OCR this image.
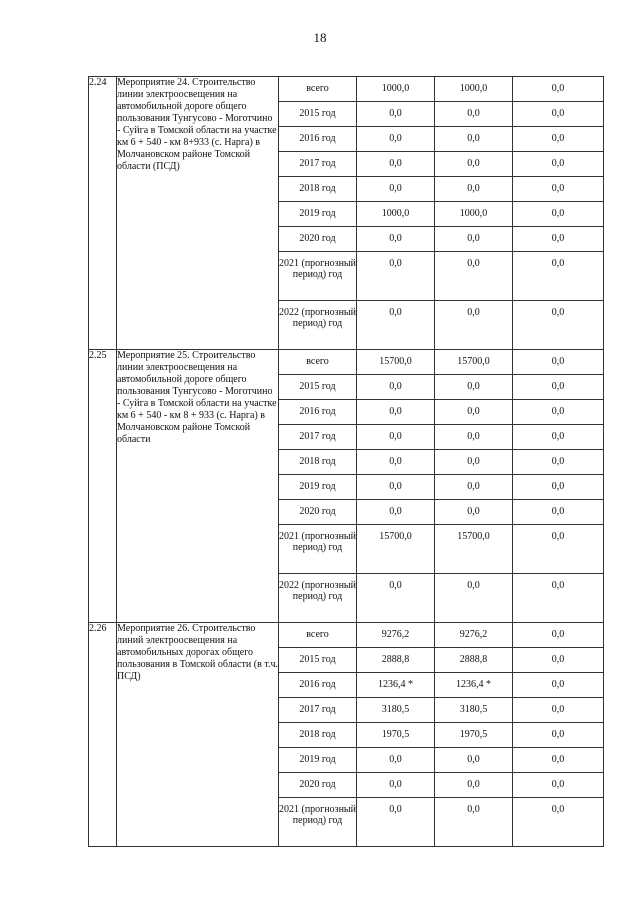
18
2.24	Мероприятие 24. Строительство линии электроосвещения на автомобильной дороге общего пользования Тунгусово - Моготчино - Суйга в Томской области на участке км 6 + 540 - км 8+933 (с. Нарга) в Молчановском районе Томской области (ПСД)	всего	1000,0	1000,0	0,0
		2015 год	0,0	0,0	0,0
		2016 год	0,0	0,0	0,0
		2017 год	0,0	0,0	0,0
		2018 год	0,0	0,0	0,0
		2019 год	1000,0	1000,0	0,0
		2020 год	0,0	0,0	0,0
		2021 (прогнозный период) год	0,0	0,0	0,0
		2022 (прогнозный период) год	0,0	0,0	0,0
2.25	Мероприятие 25. Строительство линии электроосвещения на автомобильной дороге общего пользования Тунгусово - Моготчино - Суйга в Томской области на участке км 6 + 540 - км 8 + 933 (с. Нарга) в Молчановском районе Томской области	всего	15700,0	15700,0	0,0
		2015 год	0,0	0,0	0,0
		2016 год	0,0	0,0	0,0
		2017 год	0,0	0,0	0,0
		2018 год	0,0	0,0	0,0
		2019 год	0,0	0,0	0,0
		2020 год	0,0	0,0	0,0
		2021 (прогнозный период) год	15700,0	15700,0	0,0
		2022 (прогнозный период) год	0,0	0,0	0,0
2.26	Мероприятие 26. Строительство линий электроосвещения на автомобильных дорогах общего пользования в Томской области (в т.ч. ПСД)	всего	9276,2	9276,2	0,0
		2015 год	2888,8	2888,8	0,0
		2016 год	1236,4 *	1236,4 *	0,0
		2017 год	3180,5	3180,5	0,0
		2018 год	1970,5	1970,5	0,0
		2019 год	0,0	0,0	0,0
		2020 год	0,0	0,0	0,0
		2021 (прогнозный период) год	0,0	0,0	0,0
